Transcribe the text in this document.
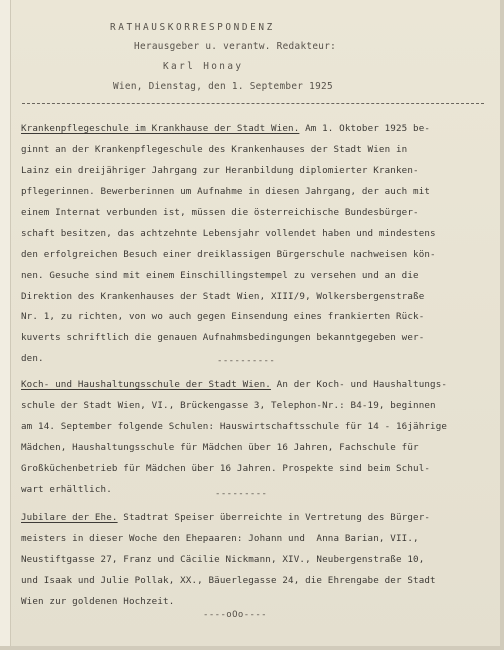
RATHAUSKORRESPONDENZ
Herausgeber u. verantw. Redakteur:
Karl Honay
Wien, Dienstag, den 1. September 1925
Krankenpflegeschule im Krankhause der Stadt Wien. Am 1. Oktober 1925 be-
ginnt an der Krankenpflegeschule des Krankenhauses der Stadt Wien in
Lainz ein dreijähriger Jahrgang zur Heranbildung diplomierter Kranken-
pflegerinnen. Bewerberinnen um Aufnahme in diesen Jahrgang, der auch mit
einem Internat verbunden ist, müssen die österreichische Bundesbürger-
schaft besitzen, das achtzehnte Lebensjahr vollendet haben und mindestens
den erfolgreichen Besuch einer dreiklassigen Bürgerschule nachweisen kön-
nen. Gesuche sind mit einem Einschillingstempel zu versehen und an die
Direktion des Krankenhauses der Stadt Wien, XIII/9, Wolkersbergenstraße
Nr. 1, zu richten, von wo auch gegen Einsendung eines frankierten Rück-
kuverts schriftlich die genauen Aufnahmsbedingungen bekanntgegeben wer-
den.	----------
Koch- und Haushaltungsschule der Stadt Wien. An der Koch- und Haushaltungs-
schule der Stadt Wien, VI., Brückengasse 3, Telephon-Nr.: B4-19, beginnen
am 14. September folgende Schulen: Hauswirtschaftsschule für 14 - 16jährige
Mädchen, Haushaltungsschule für Mädchen über 16 Jahren, Fachschule für
Großküchenbetrieb für Mädchen über 16 Jahren. Prospekte sind beim Schul-
wart erhältlich.	---------
Jubilare der Ehe. Stadtrat Speiser überreichte in Vertretung des Bürger-
meisters in dieser Woche den Ehepaaren: Johann und  Anna Barian, VII.,
Neustiftgasse 27, Franz und Cäcilie Nickmann, XIV., Neubergenstraße 10,
und Isaak und Julie Pollak, XX., Bäuerlegasse 24, die Ehrengabe der Stadt
Wien zur goldenen Hochzeit.
----oOo----
